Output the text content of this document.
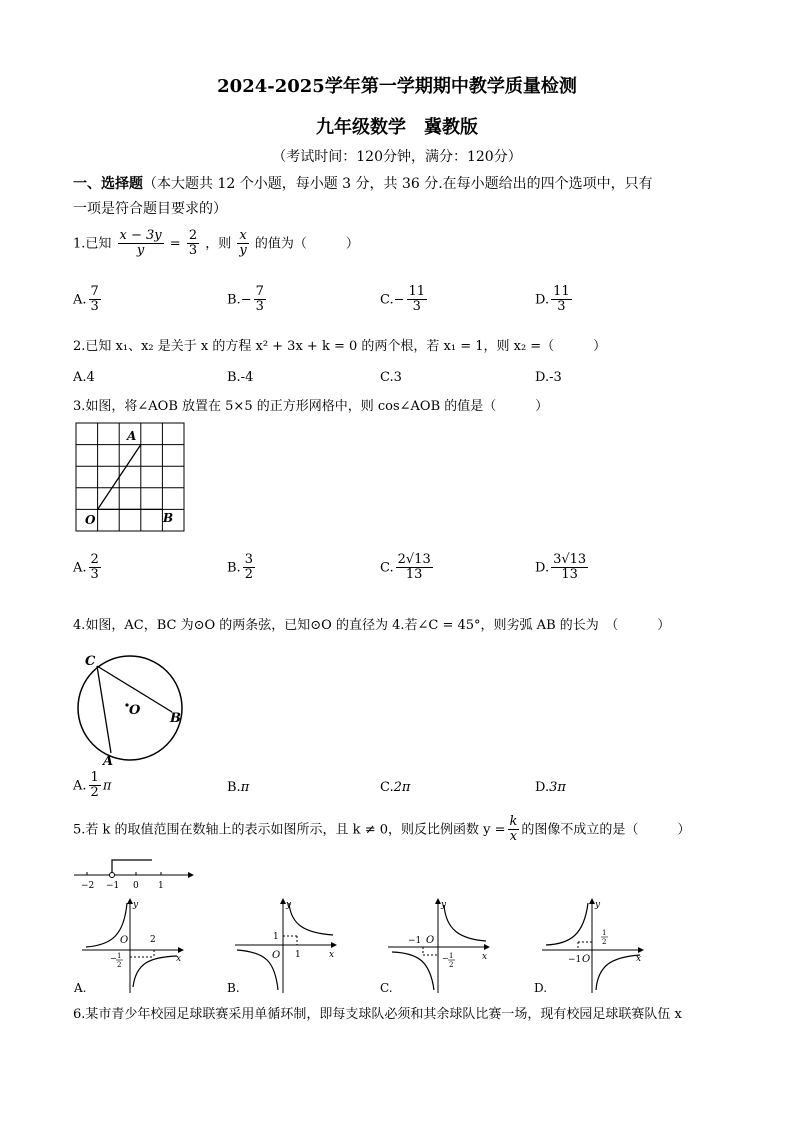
2024-2025学年第一学期期中教学质量检测
九年级数学　冀教版
（考试时间：120分钟，满分：120分）
一、选择题（本大题共 12 个小题，每小题 3 分，共 36 分.在每小题给出的四个选项中，只有
一项是符合题目要求的）
1.已知 $\frac{x - 3y}{y} = \frac{2}{3}$ ，则 $\frac{x}{y}$ 的值为（　　　）
A. $\frac{7}{3}$	$B.- \frac{7}{3}$	$C.- \frac{11}{3}$	D. $\frac{11}{3}$
2.已知 x₁、x₂ 是关于 x 的方程 x² + 3x + k = 0 的两个根，若 x₁ = 1，则 x₂ =（　　　）
A.4	B.-4	C.3	D.-3
3.如图，将∠AOB 放置在 5×5 的正方形网格中，则 cos∠AOB 的值是（　　　）
A
O	B
A. $\frac{2}{3}$	B. $\frac{3}{2}$	C. $\frac{2√13}{13}$	D. $\frac{3√13}{13}$
4.如图，AC，BC 为⊙O 的两条弦，已知⊙O 的直径为 4.若∠C = 45°，则劣弧 AB 的长为　（　　　）
C
O
B
A
A. $\frac{1}{2}$ π	B.π	C.2π	D.3π
5.若 k 的取值范围在数轴上的表示如图所示，且 k ≠ 0，则反比例函数 $y = \frac{k}{x}$ 的图像不成立的是（　　　）
−2 −1 0 1
y
x
O 2
− 1
2
A.
y
x
O 1
1
B.
y
x
O
−1
− 1
2
C.
y
x
−1 O
1
2
D.
6.某市青少年校园足球联赛采用单循环制，即每支球队必须和其余球队比赛一场，现有校园足球联赛队伍 x
